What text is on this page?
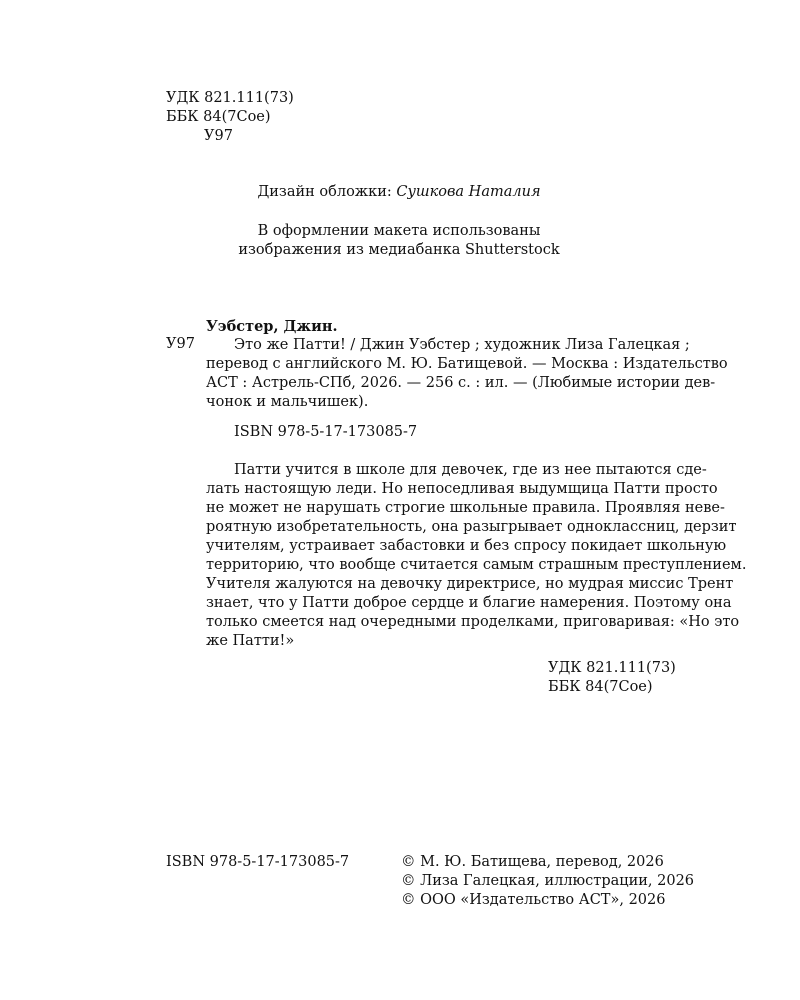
УДК 821.111(73)
ББК 84(7Сое)
У97
Дизайн обложки: Сушкова Наталия
В оформлении макета использованы
изображения из медиабанка Shutterstock
У97
Уэбстер, Джин.
Это же Патти! / Джин Уэбстер ; художник Лиза Галецкая ;
перевод с английского М. Ю. Батищевой. — Москва : Издательство
АСТ : Астрель-СПб, 2026. — 256 с. : ил. — (Любимые истории дев-
чонок и мальчишек).
ISBN 978-5-17-173085-7
Патти учится в школе для девочек, где из нее пытаются сде-
лать настоящую леди. Но непоседливая выдумщица Патти просто
не может не нарушать строгие школьные правила. Проявляя неве-
роятную изобретательность, она разыгрывает одноклассниц, дерзит
учителям, устраивает забастовки и без спросу покидает школьную
территорию, что вообще считается самым страшным преступлением.
Учителя жалуются на девочку директрисе, но мудрая миссис Трент
знает, что у Патти доброе сердце и благие намерения. Поэтому она
только смеется над очередными проделками, приговаривая: «Но это
же Патти!»
УДК 821.111(73)
ББК 84(7Сое)
ISBN 978-5-17-173085-7	© М. Ю. Батищева, перевод, 2026
© Лиза Галецкая, иллюстрации, 2026
© ООО «Издательство АСТ», 2026
